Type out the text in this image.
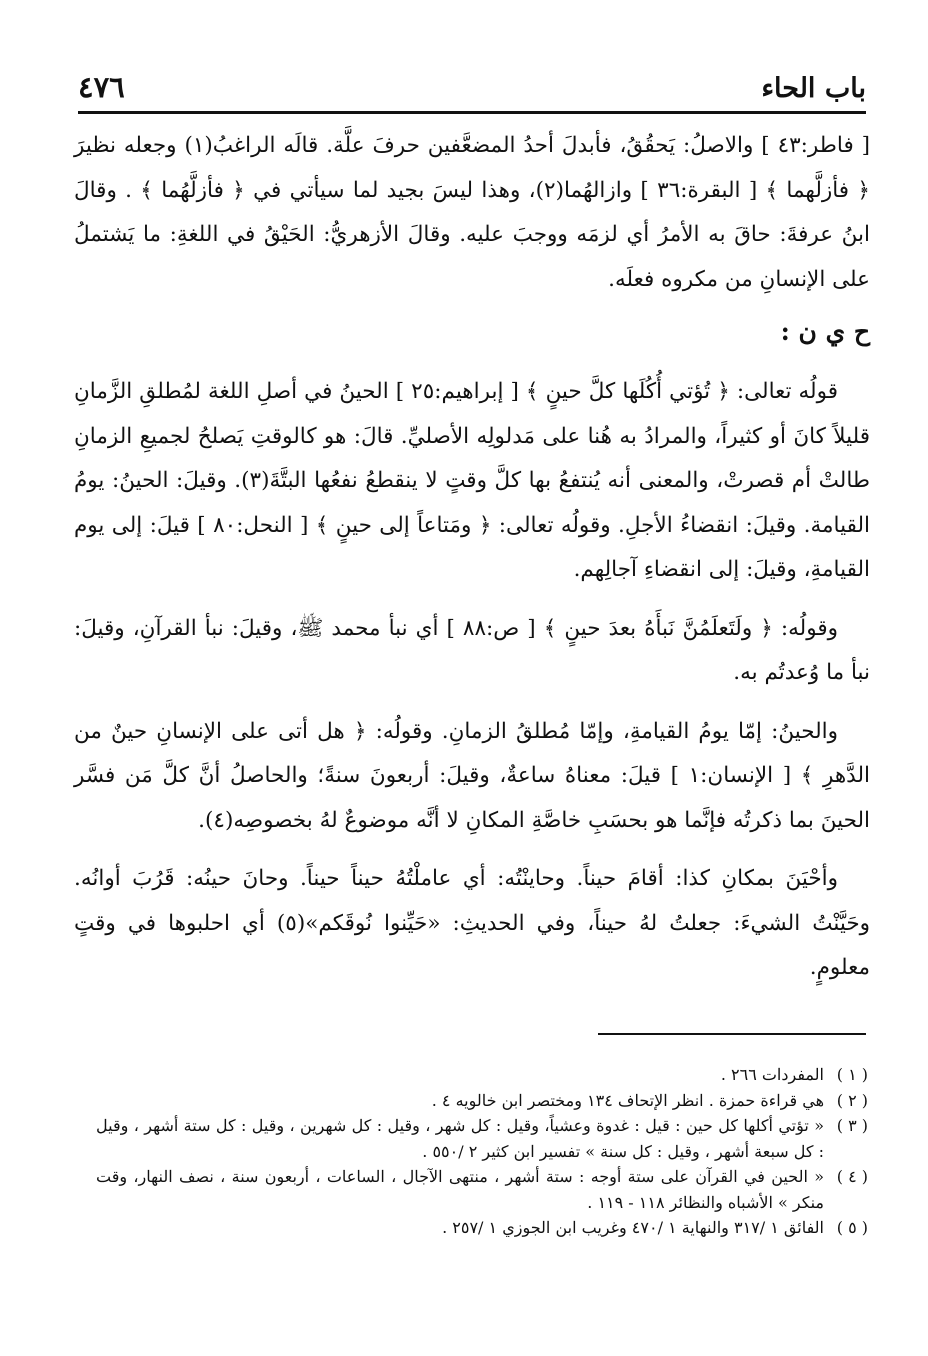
٤٧٦	باب الحاء

[ فاطر:٤٣ ] والاصلُ: يَحقُقُ، فأبدلَ أحدُ المضعَّفين حرفَ علَّة. قالَه الراغبُ(١) وجعله نظيرَ ﴿ فأزلَّهما ﴾ [ البقرة:٣٦ ] وازالهُما(٢)، وهذا ليسَ بجيد لما سيأتي في ﴿ فأزلَّهُما ﴾ . وقالَ ابنُ عرفةَ: حاقَ به الأمرُ أي لزمَه ووجبَ عليه. وقالَ الأزهريُّ: الحَيْقُ في اللغةِ: ما يَشتملُ على الإنسانِ من مكروه فعلَه.

ح ي ن :

قولُه تعالى: ﴿ تُؤتي أُكُلَها كلَّ حينٍ ﴾ [ إبراهيم:٢٥ ] الحينُ في أصلِ اللغة لمُطلقِ الزَّمانِ قليلاً كانَ أو كثيراً، والمرادُ به هُنا على مَدلولِه الأصليِّ. قالَ: هو كالوقتِ يَصلحُ لجميعِ الزمانِ طالتْ أم قصرتْ، والمعنى أنه يُنتفعُ بها كلَّ وقتٍ لا ينقطعُ نفعُها البتَّةَ(٣). وقيلَ: الحينُ: يومُ القيامة. وقيلَ: انقضاءُ الأجلِ. وقولُه تعالى: ﴿ ومَتاعاً إلى حينٍ ﴾ [ النحل:٨٠ ] قيلَ: إلى يوم القيامةِ، وقيلَ: إلى انقضاءِ آجالِهم.

وقولُه: ﴿ ولَتَعلَمُنَّ نَبأَهُ بعدَ حينٍ ﴾ [ ص:٨٨ ] أي نبأ محمد ﷺ، وقيلَ: نبأ القرآنِ، وقيلَ: نبأ ما وُعدتُم به.

والحينُ: إمّا يومُ القيامةِ، وإمّا مُطلقُ الزمانِ. وقولُه: ﴿ هل أتى على الإنسانِ حينٌ من الدَّهرِ ﴾ [ الإنسان:١ ] قيلَ: معناهُ ساعةٌ، وقيلَ: أربعونَ سنةً؛ والحاصلُ أنَّ كلَّ مَن فسَّر الحينَ بما ذكرتُه فإنَّما هو بحسَبِ خاصَّةِ المكانِ لا أنَّه موضوعٌ لهُ بخصوصِه(٤).

وأحْيَنَ بمكانِ كذا: أقامَ حيناً. وحاينْتُه: أي عاملْتُهُ حيناً حيناً. وحانَ حينُه: قَرُبَ أوانُه. وحَيَّنْتُ الشيءَ: جعلتُ لهُ حيناً، وفي الحديثِ: «حَيِّنوا نُوقَكم»(٥) أي احلبوها في وقتٍ معلومٍ.

( ١ )
المفردات ٢٦٦ .
( ٢ )
هي قراءة حمزة . انظر الإتحاف ١٣٤ ومختصر ابن خالويه ٤ .
( ٣ )
« تؤتي أكلها كل حين : قيل : غدوة وعشياً، وقيل : كل شهر ، وقيل : كل شهرين ، وقيل : كل ستة أشهر ، وقيل : كل سبعة أشهر ، وقيل : كل سنة » تفسير ابن كثير ٢ /٥٥٠ .
( ٤ )
« الحين في القرآن على ستة أوجه : ستة أشهر ، منتهى الآجال ، الساعات ، أربعون سنة ، نصف النهار، وقت منكر » الأشباه والنظائر ١١٨ - ١١٩ .
( ٥ )
الفائق ١ /٣١٧ والنهاية ١ /٤٧٠ وغريب ابن الجوزي ١ /٢٥٧ .
